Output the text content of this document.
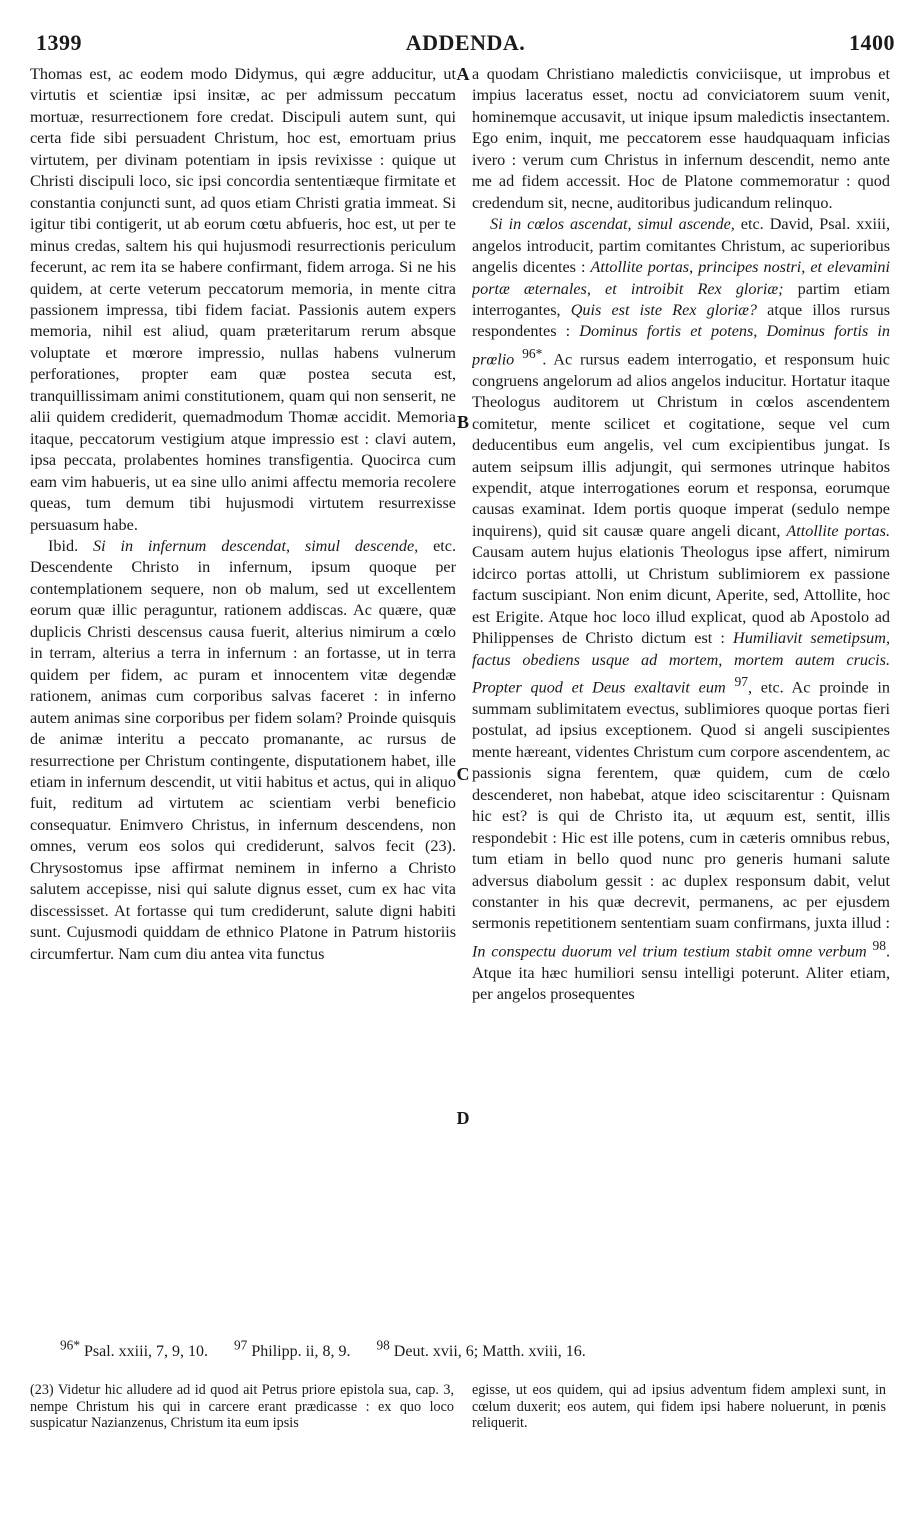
1399	ADDENDA.	1400
A
B
C
D

Thomas est, ac eodem modo Didymus, qui ægre adducitur, ut virtutis et scientiæ ipsi insitæ, ac per admissum peccatum mortuæ, resurrectionem fore credat. Discipuli autem sunt, qui certa fide sibi persuadent Christum, hoc est, emortuam prius virtutem, per divinam potentiam in ipsis revixisse : quique ut Christi discipuli loco, sic ipsi concordia sententiæque firmitate et constantia conjuncti sunt, ad quos etiam Christi gratia immeat. Si igitur tibi contigerit, ut ab eorum cœtu abfueris, hoc est, ut per te minus credas, saltem his qui hujusmodi resurrectionis periculum fecerunt, ac rem ita se habere confirmant, fidem arroga. Si ne his quidem, at certe veterum peccatorum memoria, in mente citra passionem impressa, tibi fidem faciat. Passionis autem expers memoria, nihil est aliud, quam præteritarum rerum absque voluptate et mœrore impressio, nullas habens vulnerum perforationes, propter eam quæ postea secuta est, tranquillissimam animi constitutionem, quam qui non senserit, ne alii quidem crediderit, quemadmodum Thomæ accidit. Memoria itaque, peccatorum vestigium atque impressio est : clavi autem, ipsa peccata, prolabentes homines transfigentia. Quocirca cum eam vim habueris, ut ea sine ullo animi affectu memoria recolere queas, tum demum tibi hujusmodi virtutem resurrexisse persuasum habe.

Ibid. Si in infernum descendat, simul descende, etc. Descendente Christo in infernum, ipsum quoque per contemplationem sequere, non ob malum, sed ut excellentem eorum quæ illic peraguntur, rationem addiscas. Ac quære, quæ duplicis Christi descensus causa fuerit, alterius nimirum a cœlo in terram, alterius a terra in infernum : an fortasse, ut in terra quidem per fidem, ac puram et innocentem vitæ degendæ rationem, animas cum corporibus salvas faceret : in inferno autem animas sine corporibus per fidem solam? Proinde quisquis de animæ interitu a peccato promanante, ac rursus de resurrectione per Christum contingente, disputationem habet, ille etiam in infernum descendit, ut vitii habitus et actus, qui in aliquo fuit, reditum ad virtutem ac scientiam verbi beneficio consequatur. Enimvero Christus, in infernum descendens, non omnes, verum eos solos qui crediderunt, salvos fecit (23). Chrysostomus ipse affirmat neminem in inferno a Christo salutem accepisse, nisi qui salute dignus esset, cum ex hac vita discessisset. At fortasse qui tum crediderunt, salute digni habiti sunt. Cujusmodi quiddam de ethnico Platone in Patrum historiis circumfertur. Nam cum diu antea vita functus

a quodam Christiano maledictis conviciisque, ut improbus et impius laceratus esset, noctu ad conviciatorem suum venit, hominemque accusavit, ut inique ipsum maledictis insectantem. Ego enim, inquit, me peccatorem esse haudquaquam inficias ivero : verum cum Christus in infernum descendit, nemo ante me ad fidem accessit. Hoc de Platone commemoratur : quod credendum sit, necne, auditoribus judicandum relinquo.

Si in cœlos ascendat, simul ascende, etc. David, Psal. xxiii, angelos introducit, partim comitantes Christum, ac superioribus angelis dicentes : Attollite portas, principes nostri, et elevamini portæ æternales, et introibit Rex gloriæ; partim etiam interrogantes, Quis est iste Rex gloriæ? atque illos rursus respondentes : Dominus fortis et potens, Dominus fortis in prœlio $^{96*}$. Ac rursus eadem interrogatio, et responsum huic congruens angelorum ad alios angelos inducitur. Hortatur itaque Theologus auditorem ut Christum in cœlos ascendentem comitetur, mente scilicet et cogitatione, seque vel cum deducentibus eum angelis, vel cum excipientibus jungat. Is autem seipsum illis adjungit, qui sermones utrinque habitos expendit, atque interrogationes eorum et responsa, eorumque causas examinat. Idem portis quoque imperat (sedulo nempe inquirens), quid sit causæ quare angeli dicant, Attollite portas. Causam autem hujus elationis Theologus ipse affert, nimirum idcirco portas attolli, ut Christum sublimiorem ex passione factum suscipiant. Non enim dicunt, Aperite, sed, Attollite, hoc est Erigite. Atque hoc loco illud explicat, quod ab Apostolo ad Philippenses de Christo dictum est : Humiliavit semetipsum, factus obediens usque ad mortem, mortem autem crucis. Propter quod et Deus exaltavit eum $^{97}$, etc. Ac proinde in summam sublimitatem evectus, sublimiores quoque portas fieri postulat, ad ipsius exceptionem. Quod si angeli suscipientes mente hæreant, videntes Christum cum corpore ascendentem, ac passionis signa ferentem, quæ quidem, cum de cœlo descenderet, non habebat, atque ideo sciscitarentur : Quisnam hic est? is qui de Christo ita, ut æquum est, sentit, illis respondebit : Hic est ille potens, cum in cæteris omnibus rebus, tum etiam in bello quod nunc pro generis humani salute adversus diabolum gessit : ac duplex responsum dabit, velut constanter in his quæ decrevit, permanens, ac per ejusdem sermonis repetitionem sententiam suam confirmans, juxta illud : In conspectu duorum vel trium testium stabit omne verbum $^{98}$. Atque ita hæc humiliori sensu intelligi poterunt. Aliter etiam, per angelos prosequentes

$^{96*}$ Psal. xxiii, 7, 9, 10. $^{97}$ Philipp. ii, 8, 9. $^{98}$ Deut. xvii, 6; Matth. xviii, 16.

(23) Videtur hic alludere ad id quod ait Petrus priore epistola sua, cap. 3, nempe Christum his qui in carcere erant prædicasse : ex quo loco suspicatur Nazianzenus, Christum ita eum ipsis

egisse, ut eos quidem, qui ad ipsius adventum fidem amplexi sunt, in cœlum duxerit; eos autem, qui fidem ipsi habere noluerunt, in pœnis reliquerit.
